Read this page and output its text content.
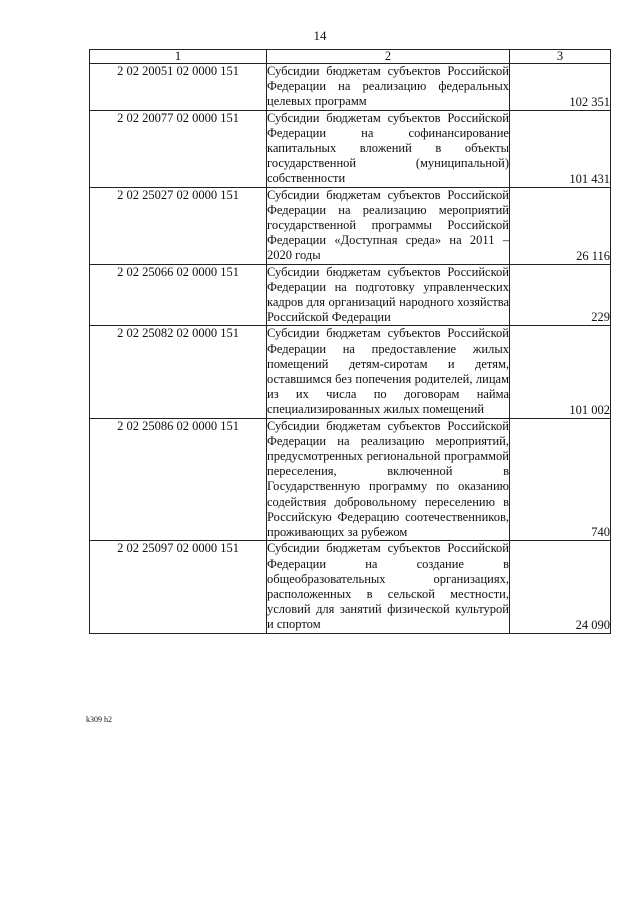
14
1	2	3
2 02 20051 02 0000 151	Субсидии бюджетам субъектов Российской Федерации на реализацию федеральных целевых программ	102 351
2 02 20077 02 0000 151	Субсидии бюджетам субъектов Российской Федерации на софинансирование капитальных вложений в объекты государственной (муниципальной) собственности	101 431
2 02 25027 02 0000 151	Субсидии бюджетам субъектов Российской Федерации на реализацию мероприятий государственной программы Российской Федерации «Доступная среда» на 2011 – 2020 годы	26 116
2 02 25066 02 0000 151	Субсидии бюджетам субъектов Российской Федерации на подготовку управленческих кадров для организаций народного хозяйства Российской Федерации	229
2 02 25082 02 0000 151	Субсидии бюджетам субъектов Российской Федерации на предоставление жилых помещений детям-сиротам и детям, оставшимся без попечения родителей, лицам из их числа по договорам найма специализированных жилых помещений	101 002
2 02 25086 02 0000 151	Субсидии бюджетам субъектов Российской Федерации на реализацию мероприятий, предусмотренных региональной программой переселения, включенной в Государственную программу по оказанию содействия добровольному переселению в Российскую Федерацию соотечественников, проживающих за рубежом	740
2 02 25097 02 0000 151	Субсидии бюджетам субъектов Российской Федерации на создание в общеобразовательных организациях, расположенных в сельской местности, условий для занятий физической культурой и спортом	24 090
k309 h2
